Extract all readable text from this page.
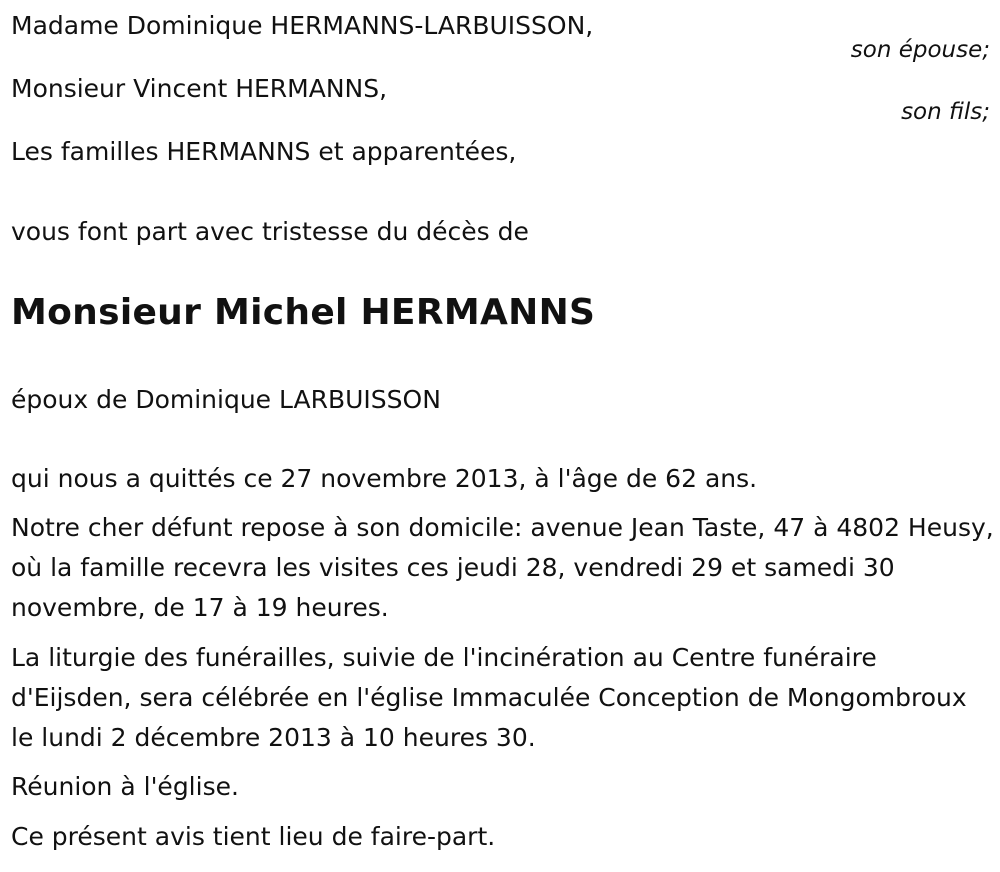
Madame Dominique HERMANNS-LARBUISSON,
son épouse;
Monsieur Vincent HERMANNS,
son fils;
Les familles HERMANNS et apparentées,
vous font part avec tristesse du décès de
Monsieur Michel HERMANNS
époux de Dominique LARBUISSON
qui nous a quittés ce 27 novembre 2013, à l'âge de 62 ans.
Notre cher défunt repose à son domicile: avenue Jean Taste, 47 à 4802 Heusy, où la famille recevra les visites ces jeudi 28, vendredi 29 et samedi 30 novembre, de 17 à 19 heures.
La liturgie des funérailles, suivie de l'incinération au Centre funéraire d'Eijsden, sera célébrée en l'église Immaculée Conception de Mongombroux le lundi 2 décembre 2013 à 10 heures 30.
Réunion à l'église.
Ce présent avis tient lieu de faire-part.
